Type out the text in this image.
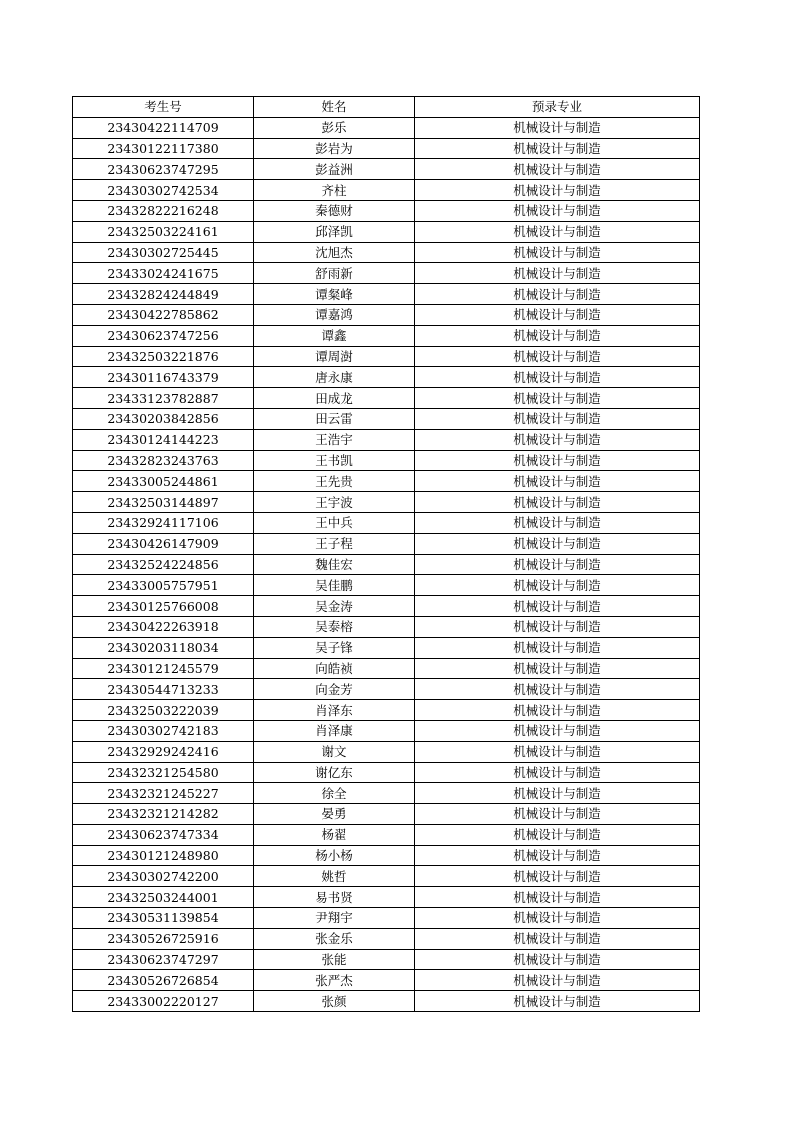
考生号	姓名	预录专业
23430422114709	彭乐	机械设计与制造
23430122117380	彭岩为	机械设计与制造
23430623747295	彭益洲	机械设计与制造
23430302742534	齐柱	机械设计与制造
23432822216248	秦德财	机械设计与制造
23432503224161	邱泽凯	机械设计与制造
23430302725445	沈旭杰	机械设计与制造
23433024241675	舒雨新	机械设计与制造
23432824244849	谭粲峰	机械设计与制造
23430422785862	谭嘉鸿	机械设计与制造
23430623747256	谭鑫	机械设计与制造
23432503221876	谭周澍	机械设计与制造
23430116743379	唐永康	机械设计与制造
23433123782887	田成龙	机械设计与制造
23430203842856	田云雷	机械设计与制造
23430124144223	王浩宇	机械设计与制造
23432823243763	王书凯	机械设计与制造
23433005244861	王先贵	机械设计与制造
23432503144897	王宇波	机械设计与制造
23432924117106	王中兵	机械设计与制造
23430426147909	王子程	机械设计与制造
23432524224856	魏佳宏	机械设计与制造
23433005757951	吴佳鹏	机械设计与制造
23430125766008	吴金涛	机械设计与制造
23430422263918	吴泰榕	机械设计与制造
23430203118034	吴子锋	机械设计与制造
23430121245579	向皓祯	机械设计与制造
23430544713233	向金芳	机械设计与制造
23432503222039	肖泽东	机械设计与制造
23430302742183	肖泽康	机械设计与制造
23432929242416	谢文	机械设计与制造
23432321254580	谢亿东	机械设计与制造
23432321245227	徐全	机械设计与制造
23432321214282	晏勇	机械设计与制造
23430623747334	杨翟	机械设计与制造
23430121248980	杨小杨	机械设计与制造
23430302742200	姚哲	机械设计与制造
23432503244001	易书贤	机械设计与制造
23430531139854	尹翔宇	机械设计与制造
23430526725916	张金乐	机械设计与制造
23430623747297	张能	机械设计与制造
23430526726854	张严杰	机械设计与制造
23433002220127	张颜	机械设计与制造
